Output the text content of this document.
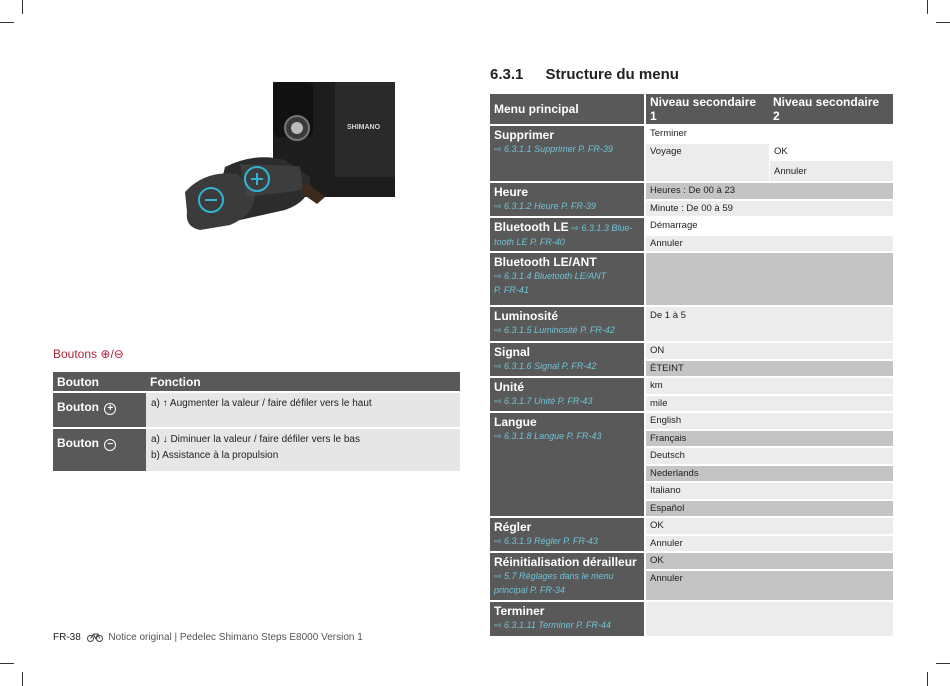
SHIMANO
Boutons ⊕/⊖
Bouton	Fonction

Bouton +	a) ↑ Augmenter la valeur / faire défiler vers le haut

Bouton −	a) ↓ Diminuer la valeur / faire défiler vers le bas
b) Assistance à la propulsion
6.3.1 Structure du menu
Menu principal	Niveau secondaire 1	Niveau secondaire 2

Supprimer
⇨ 6.3.1.1 Supprimer P. FR-39	Terminer	
	Voyage	OK
		Annuler

Heure
⇨ 6.3.1.2 Heure P. FR-39	Heures : De 00 à 23	
	Minute : De 00 à 59	
Bluetooth LE ⇨ 6.3.1.3 Blue-
tooth LE P. FR-40	Démarrage	
	Annuler	

Bluetooth LE/ANT
⇨ 6.3.1.4 Bluetooth LE/ANT
P. FR-41		

Luminosité
⇨ 6.3.1.5 Luminosité P. FR-42	De 1 à 5	

Signal
⇨ 6.3.1.6 Signal P. FR-42	ON	
	ÉTEINT	

Unité
⇨ 6.3.1.7 Unité P. FR-43	km	
	mile	

Langue
⇨ 6.3.1.8 Langue P. FR-43	English	
	Français	
	Deutsch	
	Nederlands	
	Italiano	
	Español	

Régler
⇨ 6.3.1.9 Régler P. FR-43	OK	
	Annuler	

Réinitialisation dérailleur
⇨ 5.7 Réglages dans le menu
principal P. FR-34	OK	
	Annuler	

Terminer
⇨ 6.3.1.11 Terminer P. FR-44		
FR-38	Notice original | Pedelec Shimano Steps E8000 Version 1
